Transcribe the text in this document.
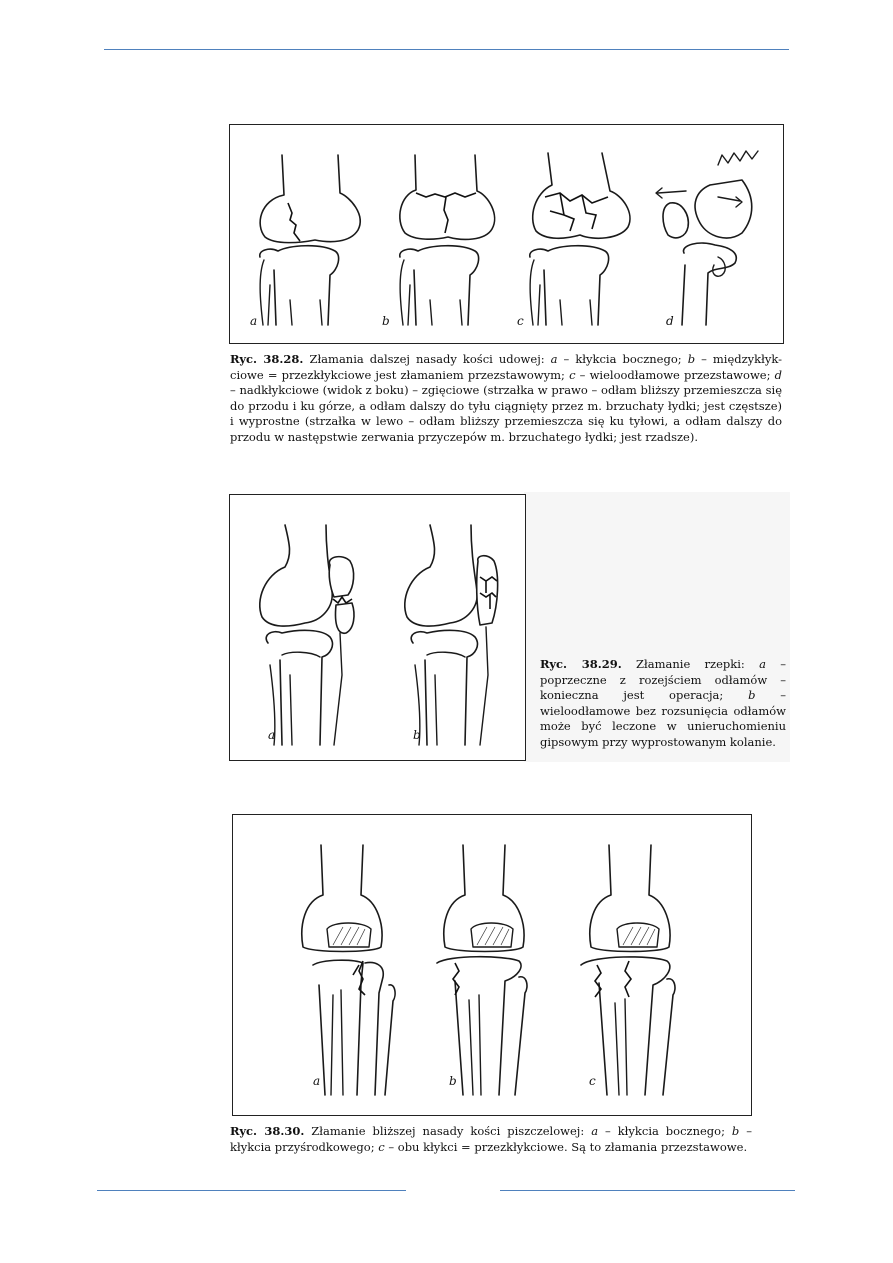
a	b	c	d

Ryc. 38.28. Złamania dalszej nasady kości udowej: a – kłykcia bocznego; b – międzykłyk-ciowe = przezkłykciowe jest złamaniem przezstawowym; c – wieloodłamowe przezstawowe; d – nadkłykciowe (widok z boku) – zgięciowe (strzałka w prawo – odłam bliższy przemieszcza się do przodu i ku górze, a odłam dalszy do tyłu ciągnięty przez m. brzuchaty łydki; jest częstsze) i wyprostne (strzałka w lewo – odłam bliższy przemieszcza się ku tyłowi, a odłam dalszy do przodu w następstwie zerwania przyczepów m. brzuchatego łydki; jest rzadsze).

a	b

Ryc. 38.29. Złamanie rzepki: a – poprzeczne z rozejściem odłamów – konieczna jest operacja; b – wieloodłamowe bez rozsunięcia odłamów może być leczone w unieruchomieniu gipsowym przy wyprostowanym kolanie.

a	b	c

Ryc. 38.30. Złamanie bliższej nasady kości piszczelowej: a – kłykcia bocznego; b – kłykcia przyśrodkowego; c – obu kłykci = przezkłykciowe. Są to złamania przezstawowe.
